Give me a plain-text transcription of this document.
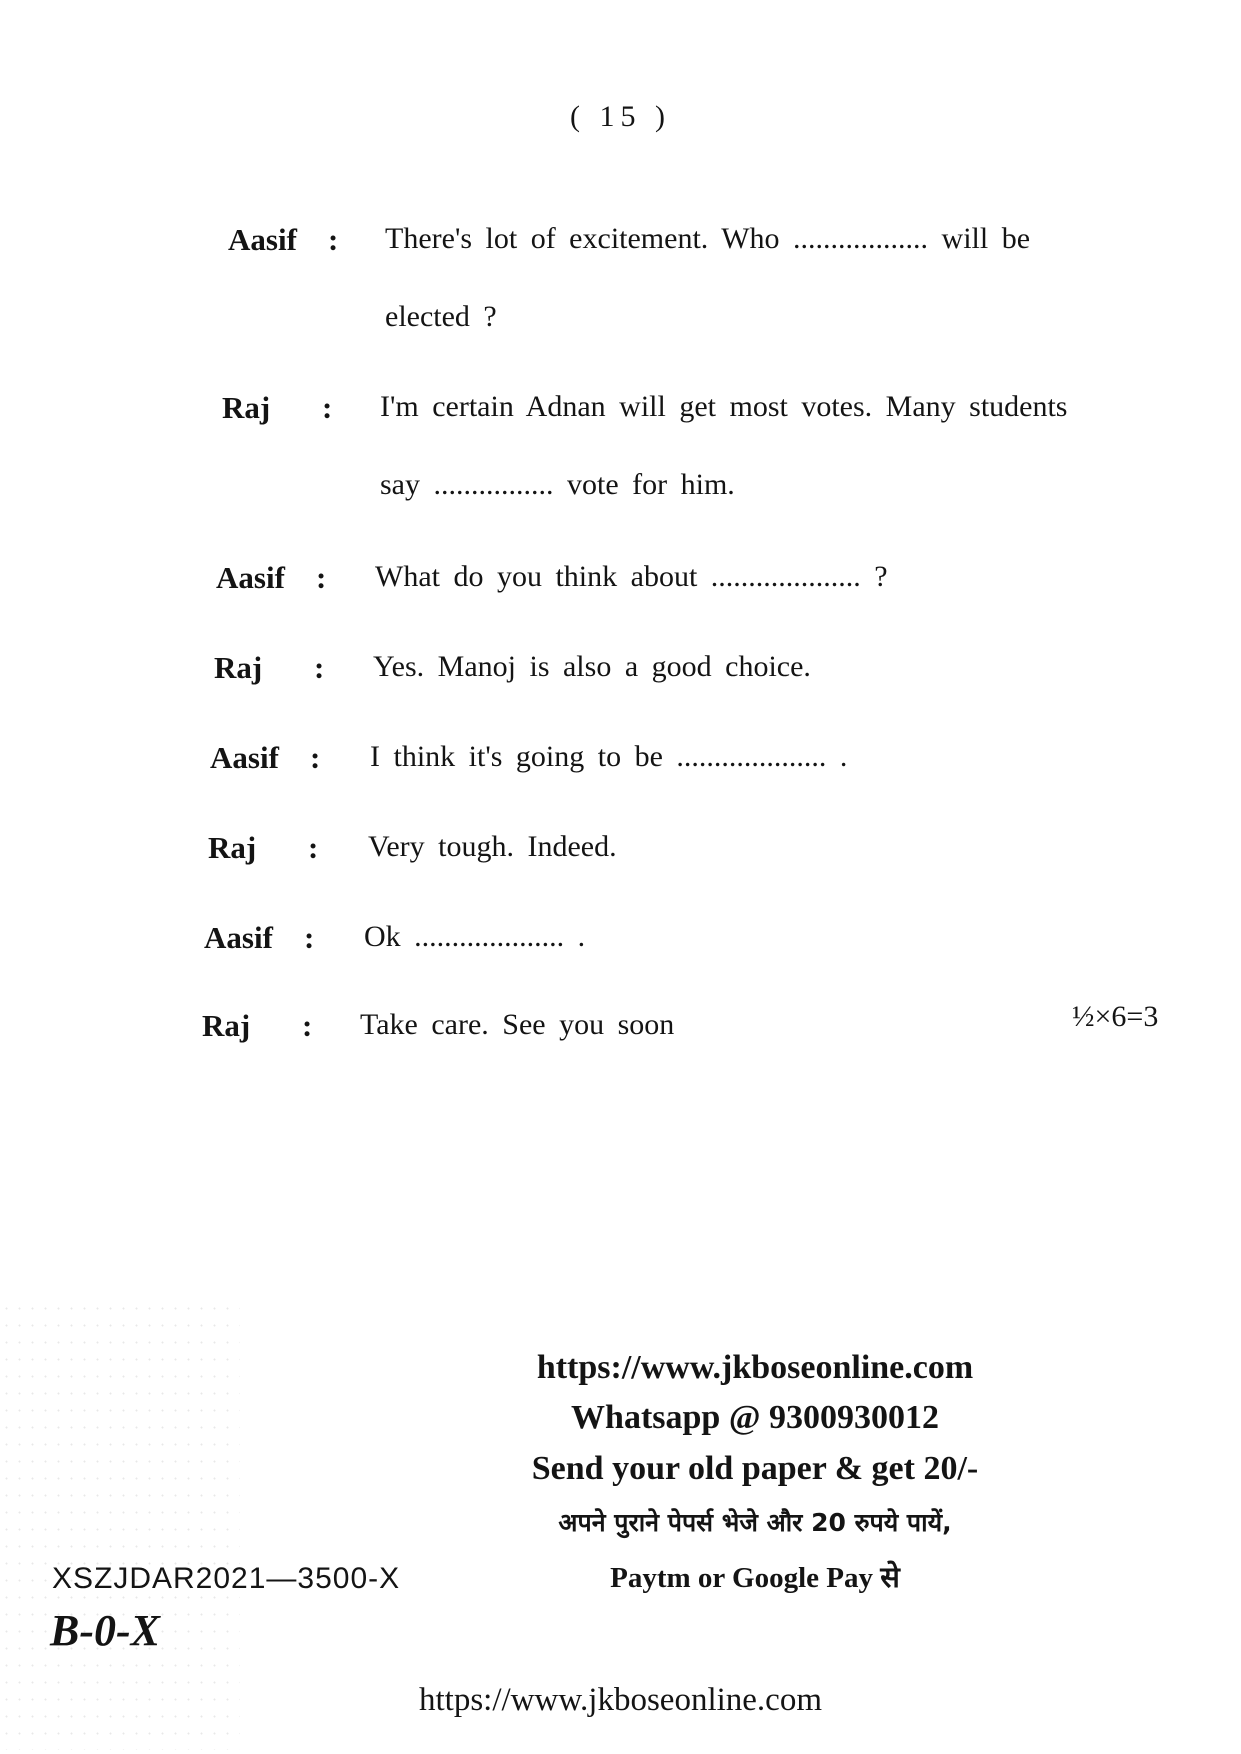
( 15 )
Aasif : There's lot of excitement. Who .................. will be
elected ?
Raj : I'm certain Adnan will get most votes. Many students
say ................ vote for him.
Aasif : What do you think about .................... ?
Raj : Yes. Manoj is also a good choice.
Aasif : I think it's going to be .................... .
Raj : Very tough. Indeed.
Aasif : Ok .................... .
Raj : Take care. See you soon	½×6=3
https://www.jkboseonline.com
Whatsapp @ 9300930012
Send your old paper & get 20/-
अपने पुराने पेपर्स भेजे और 20 रुपये पायें,
Paytm or Google Pay से
XSZJDAR2021—3500-X
B-0-X
https://www.jkboseonline.com
